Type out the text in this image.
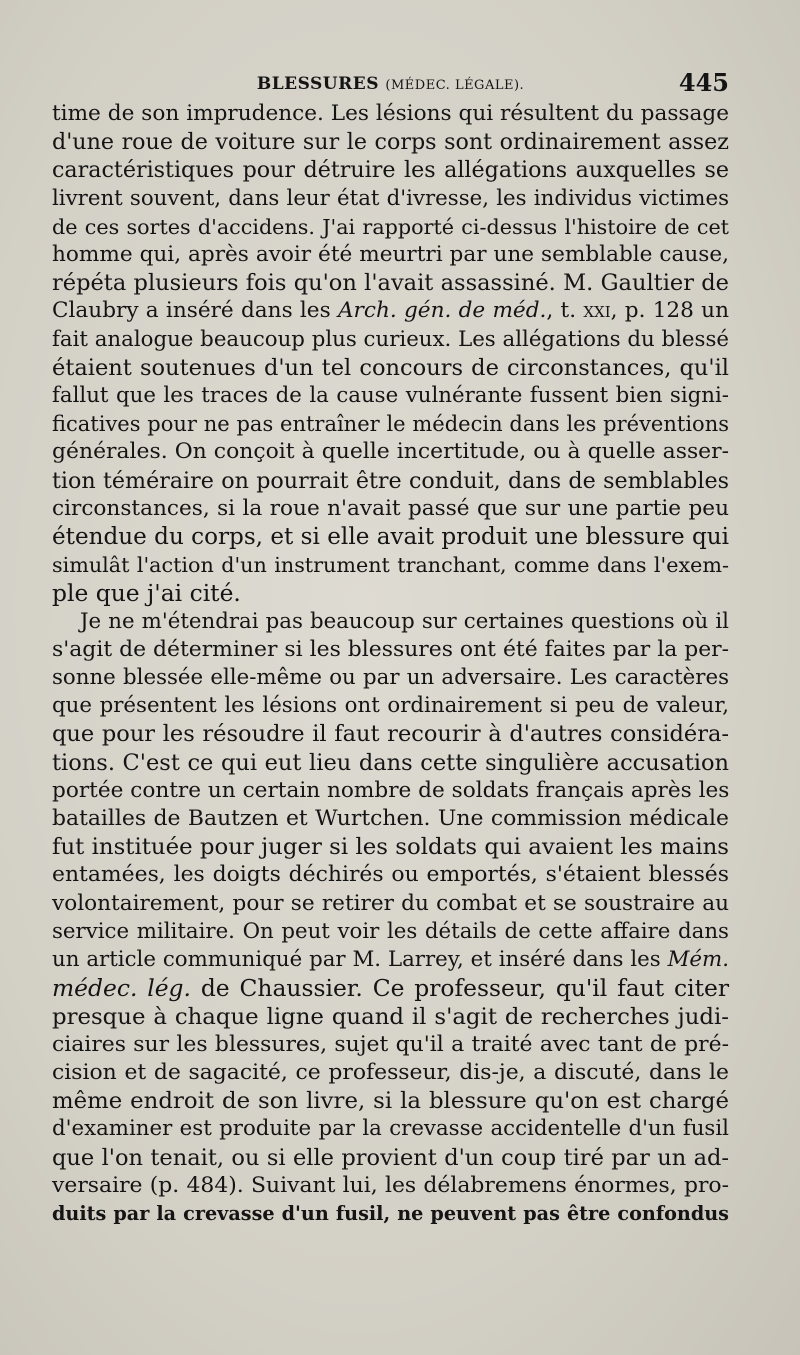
BLESSURES (MÉDEC. LÉGALE).	445
time de son imprudence. Les lésions qui résultent du passage
d'une roue de voiture sur le corps sont ordinairement assez
caractéristiques pour détruire les allégations auxquelles se
livrent souvent, dans leur état d'ivresse, les individus victimes
de ces sortes d'accidens. J'ai rapporté ci-dessus l'histoire de cet
homme qui, après avoir été meurtri par une semblable cause,
répéta plusieurs fois qu'on l'avait assassiné. M. Gaultier de
Claubry a inséré dans les Arch. gén. de méd., t. xxi, p. 128 un
fait analogue beaucoup plus curieux. Les allégations du blessé
étaient soutenues d'un tel concours de circonstances, qu'il
fallut que les traces de la cause vulnérante fussent bien signi-
ficatives pour ne pas entraîner le médecin dans les préventions
générales. On conçoit à quelle incertitude, ou à quelle asser-
tion téméraire on pourrait être conduit, dans de semblables
circonstances, si la roue n'avait passé que sur une partie peu
étendue du corps, et si elle avait produit une blessure qui
simulât l'action d'un instrument tranchant, comme dans l'exem-
ple que j'ai cité.
Je ne m'étendrai pas beaucoup sur certaines questions où il
s'agit de déterminer si les blessures ont été faites par la per-
sonne blessée elle-même ou par un adversaire. Les caractères
que présentent les lésions ont ordinairement si peu de valeur,
que pour les résoudre il faut recourir à d'autres considéra-
tions. C'est ce qui eut lieu dans cette singulière accusation
portée contre un certain nombre de soldats français après les
batailles de Bautzen et Wurtchen. Une commission médicale
fut instituée pour juger si les soldats qui avaient les mains
entamées, les doigts déchirés ou emportés, s'étaient blessés
volontairement, pour se retirer du combat et se soustraire au
service militaire. On peut voir les détails de cette affaire dans
un article communiqué par M. Larrey, et inséré dans les Mém.
médec. lég. de Chaussier. Ce professeur, qu'il faut citer
presque à chaque ligne quand il s'agit de recherches judi-
ciaires sur les blessures, sujet qu'il a traité avec tant de pré-
cision et de sagacité, ce professeur, dis-je, a discuté, dans le
même endroit de son livre, si la blessure qu'on est chargé
d'examiner est produite par la crevasse accidentelle d'un fusil
que l'on tenait, ou si elle provient d'un coup tiré par un ad-
versaire (p. 484). Suivant lui, les délabremens énormes, pro-
duits par la crevasse d'un fusil, ne peuvent pas être confondus
